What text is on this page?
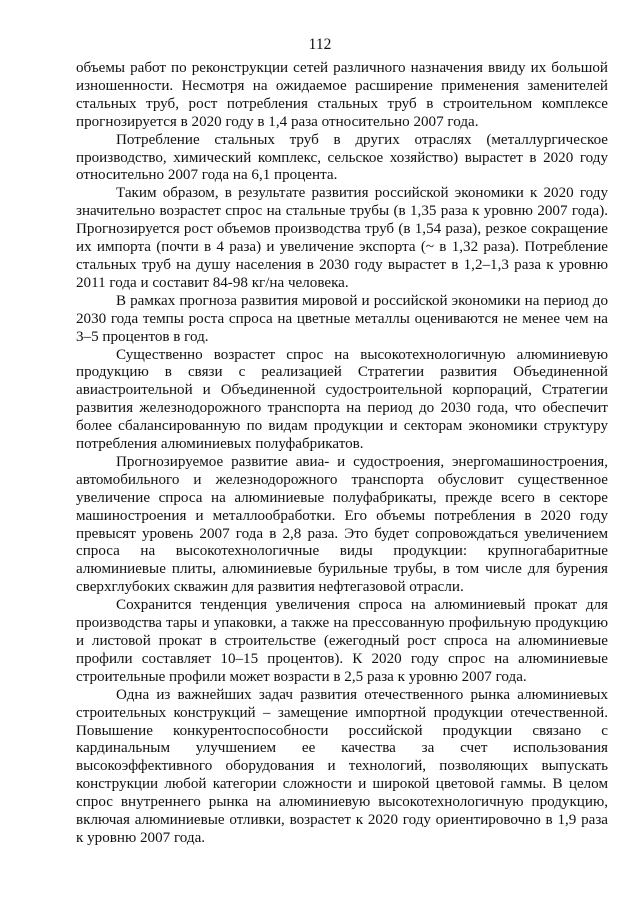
112

объемы работ по реконструкции сетей различного назначения ввиду их большой изношенности. Несмотря на ожидаемое расширение применения заменителей стальных труб, рост потребления стальных труб в строительном комплексе прогнозируется в 2020 году в 1,4 раза относительно 2007 года.

Потребление стальных труб в других отраслях (металлургическое производство, химический комплекс, сельское хозяйство) вырастет в 2020 году относительно 2007 года на 6,1 процента.

Таким образом, в результате развития российской экономики к 2020 году значительно возрастет спрос на стальные трубы (в 1,35 раза к уровню 2007 года). Прогнозируется рост объемов производства труб (в 1,54 раза), резкое сокращение их импорта (почти в 4 раза) и увеличение экспорта (~ в 1,32 раза). Потребление стальных труб на душу населения в 2030 году вырастет в 1,2–1,3 раза к уровню 2011 года и составит 84-98 кг/на человека.

В рамках прогноза развития мировой и российской экономики на период до 2030 года темпы роста спроса на цветные металлы оцениваются не менее чем на 3–5 процентов в год.

Существенно возрастет спрос на высокотехнологичную алюминиевую продукцию в связи с реализацией Стратегии развития Объединенной авиастроительной и Объединенной судостроительной корпораций, Стратегии развития железнодорожного транспорта на период до 2030 года, что обеспечит более сбалансированную по видам продукции и секторам экономики структуру потребления алюминиевых полуфабрикатов.

Прогнозируемое развитие авиа- и судостроения, энергомашиностроения, автомобильного и железнодорожного транспорта обусловит существенное увеличение спроса на алюминиевые полуфабрикаты, прежде всего в секторе машиностроения и металлообработки. Его объемы потребления в 2020 году превысят уровень 2007 года в 2,8 раза. Это будет сопровождаться увеличением спроса на высокотехнологичные виды продукции: крупногабаритные алюминиевые плиты, алюминиевые бурильные трубы, в том числе для бурения сверхглубоких скважин для развития нефтегазовой отрасли.

Сохранится тенденция увеличения спроса на алюминиевый прокат для производства тары и упаковки, а также на прессованную профильную продукцию и листовой прокат в строительстве (ежегодный рост спроса на алюминиевые профили составляет 10–15 процентов). К 2020 году спрос на алюминиевые строительные профили может возрасти в 2,5 раза к уровню 2007 года.

Одна из важнейших задач развития отечественного рынка алюминиевых строительных конструкций – замещение импортной продукции отечественной. Повышение конкурентоспособности российской продукции связано с кардинальным улучшением ее качества за счет использования высокоэффективного оборудования и технологий, позволяющих выпускать конструкции любой категории сложности и широкой цветовой гаммы. В целом спрос внутреннего рынка на алюминиевую высокотехнологичную продукцию, включая алюминиевые отливки, возрастет к 2020 году ориентировочно в 1,9 раза к уровню 2007 года.
